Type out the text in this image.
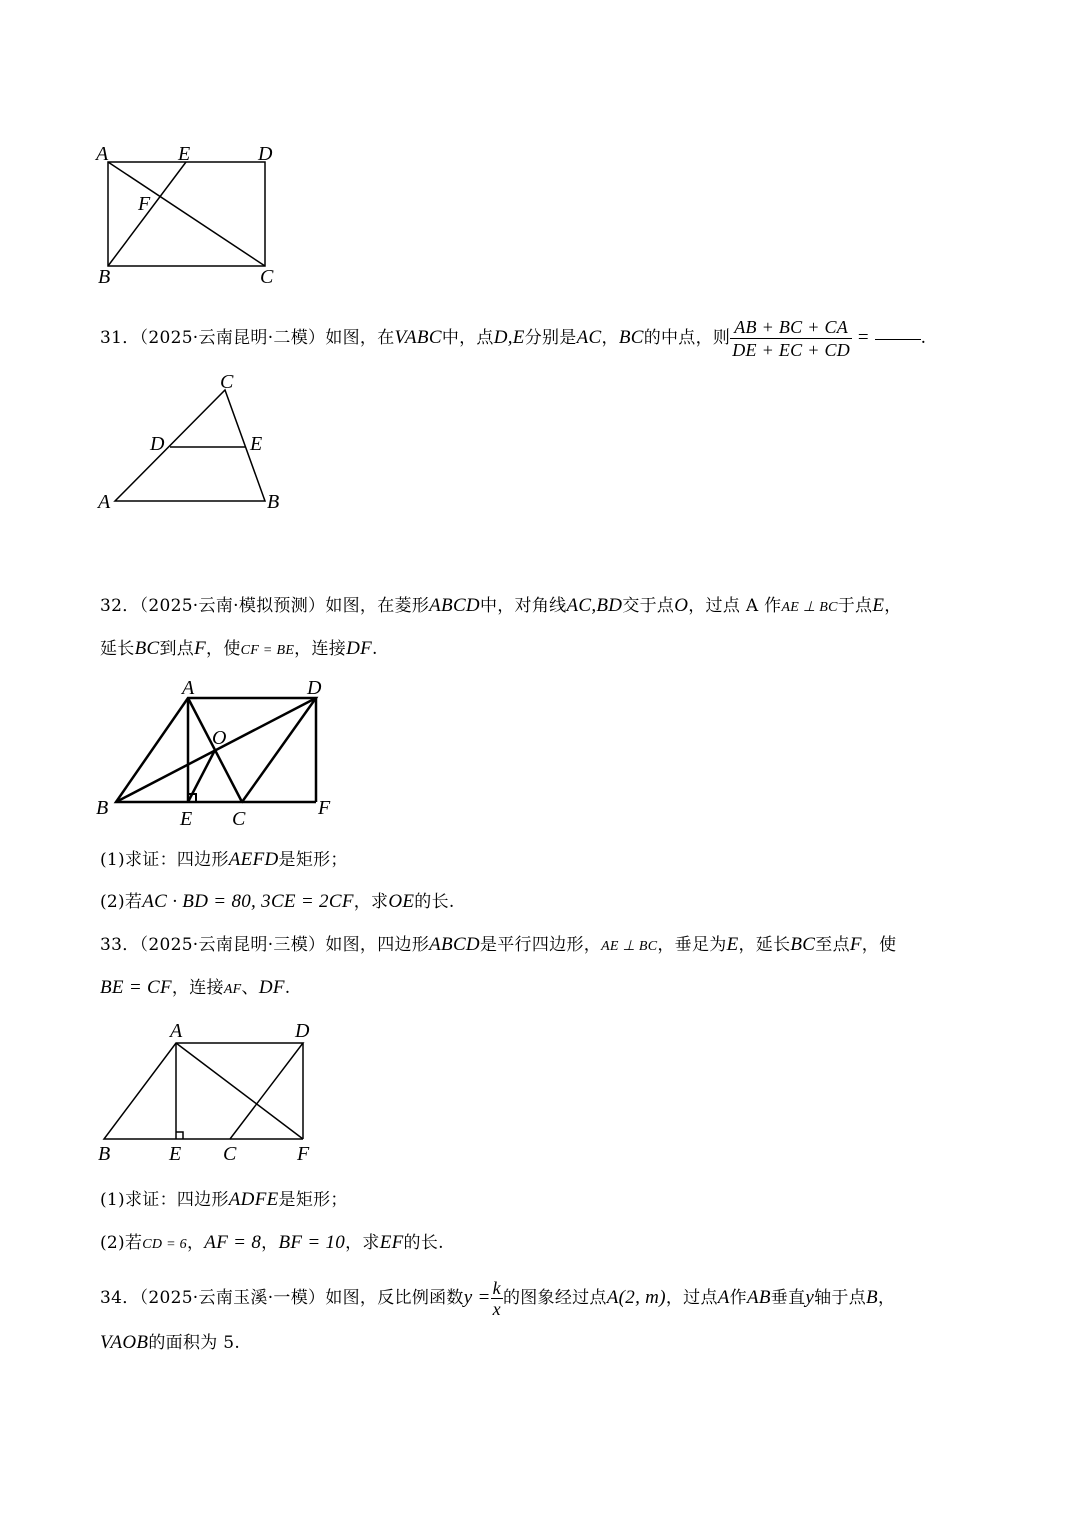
A	E	D
F
B	C
31．（2025·云南昆明·二模）如图，在VABC中，点D,E分别是AC，BC的中点，则 $\frac{AB + BC + CA}{DE + EC + CD}$ =	.
C
D	E
A	B
32．（2025·云南·模拟预测）如图，在菱形ABCD中，对角线AC,BD交于点O，过点 A 作AE ⊥ BC于点E，
延长BC到点F，使CF = BE，连接DF.
A	D
O
B	E C	F
(1)求证：四边形AEFD是矩形；
(2)若AC · BD = 80, 3CE = 2CF，求OE的长.
33．（2025·云南昆明·三模）如图，四边形ABCD是平行四边形，AE ⊥ BC，垂足为E，延长BC至点F，使
BE = CF，连接AF、DF.
A	D
B	E C	F
(1)求证：四边形ADFE是矩形；
(2)若CD = 6，AF = 8，BF = 10，求EF的长.
34．（2025·云南玉溪·一模）如图，反比例函数$y = \frac{k}{x}$ 的图象经过点A(2, m)，过点A作AB垂直y轴于点B，
VAOB的面积为 5.
